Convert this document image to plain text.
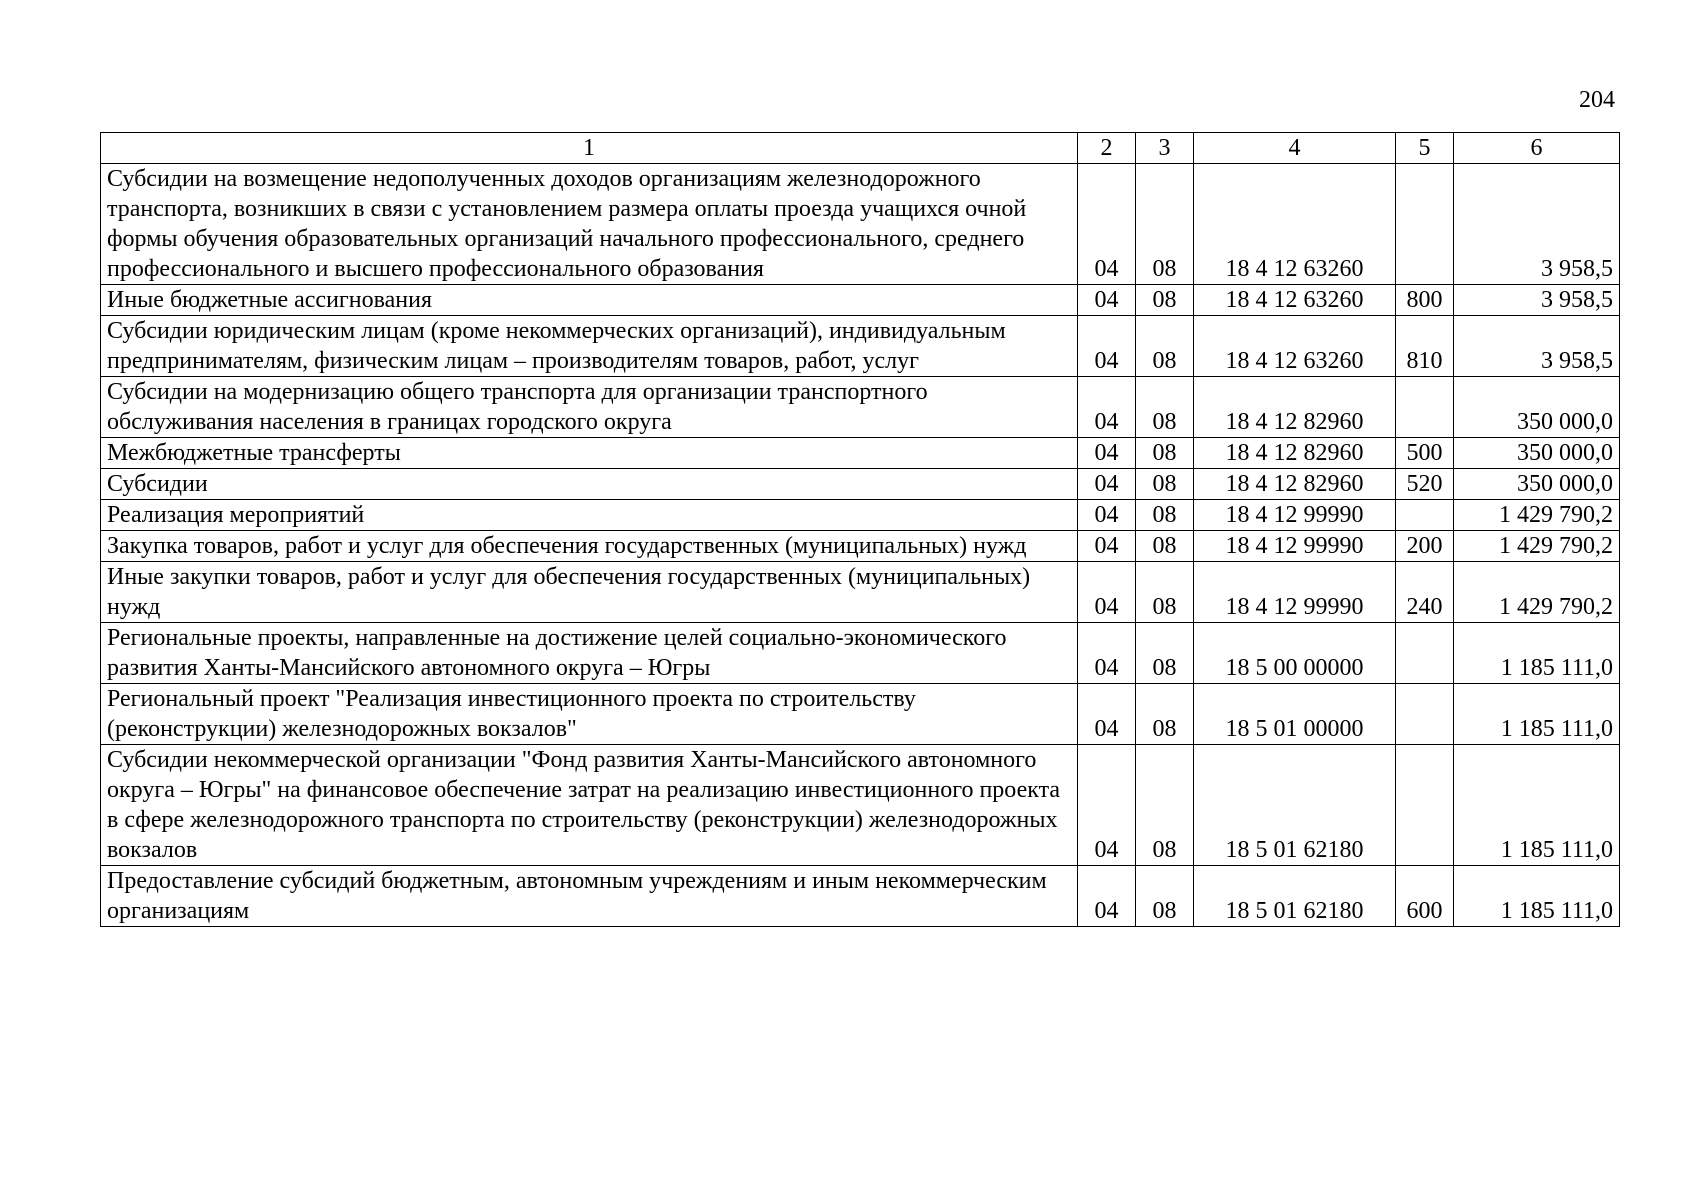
204
1	2	3	4	5	6
Субсидии на возмещение недополученных доходов организациям железнодорожного транспорта, возникших в связи с установлением размера оплаты проезда учащихся очной формы обучения образовательных организаций начального профессионального, среднего профессионального и высшего профессионального образования	04	08	18 4 12 63260		3 958,5
Иные бюджетные ассигнования	04	08	18 4 12 63260	800	3 958,5
Субсидии юридическим лицам (кроме некоммерческих организаций), индивидуальным предпринимателям, физическим лицам – производителям товаров, работ, услуг	04	08	18 4 12 63260	810	3 958,5
Субсидии на модернизацию общего транспорта для организации транспортного обслуживания населения в границах городского округа	04	08	18 4 12 82960		350 000,0
Межбюджетные трансферты	04	08	18 4 12 82960	500	350 000,0
Субсидии	04	08	18 4 12 82960	520	350 000,0
Реализация мероприятий	04	08	18 4 12 99990		1 429 790,2
Закупка товаров, работ и услуг для обеспечения государственных (муниципальных) нужд	04	08	18 4 12 99990	200	1 429 790,2
Иные закупки товаров, работ и услуг для обеспечения государственных (муниципальных) нужд	04	08	18 4 12 99990	240	1 429 790,2
Региональные проекты, направленные на достижение целей социально-экономического развития Ханты-Мансийского автономного округа – Югры	04	08	18 5 00 00000		1 185 111,0
Региональный проект "Реализация инвестиционного проекта по строительству (реконструкции) железнодорожных вокзалов"	04	08	18 5 01 00000		1 185 111,0
Субсидии некоммерческой организации "Фонд развития Ханты-Мансийского автономного округа – Югры" на финансовое обеспечение затрат на реализацию инвестиционного проекта в сфере железнодорожного транспорта по строительству (реконструкции) железнодорожных вокзалов	04	08	18 5 01 62180		1 185 111,0
Предоставление субсидий бюджетным, автономным учреждениям и иным некоммерческим организациям	04	08	18 5 01 62180	600	1 185 111,0
